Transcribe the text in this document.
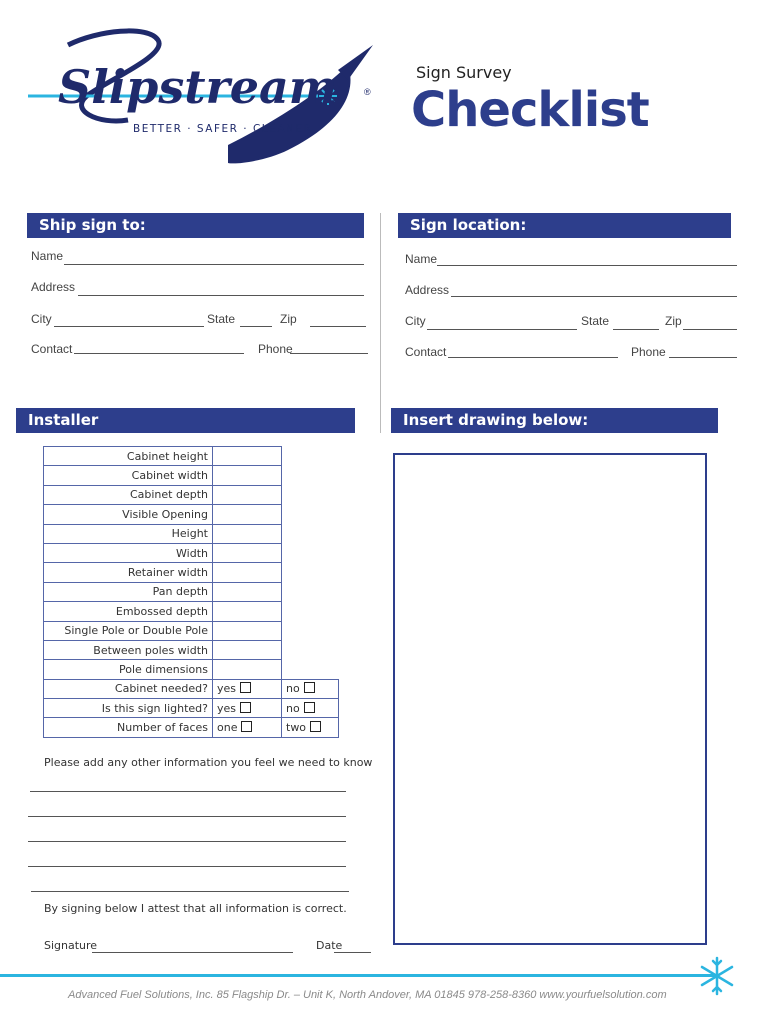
Slipstream	®
BETTER · SAFER · CLEANER
Sign Survey
Checklist
Ship sign to:
Name
Address
City	State	Zip
Contact	Phone
Sign location:
Name
Address
City	State	Zip
Contact	Phone
Installer
Cabinet height		
Cabinet width		
Cabinet depth		
Visible Opening		
Height		
Width		
Retainer width		
Pan depth		
Embossed depth		
Single Pole or Double Pole		
Between poles width		
Pole dimensions		
Cabinet needed?	yes	no
Is this sign lighted?	yes	no
Number of faces	one	two
Insert drawing below:
Please add any other information you feel we need to know
By signing below I attest that all information is correct.
Signature	Date
Advanced Fuel Solutions, Inc. 85 Flagship Dr. – Unit K, North Andover, MA 01845 978-258-8360 www.yourfuelsolution.com
